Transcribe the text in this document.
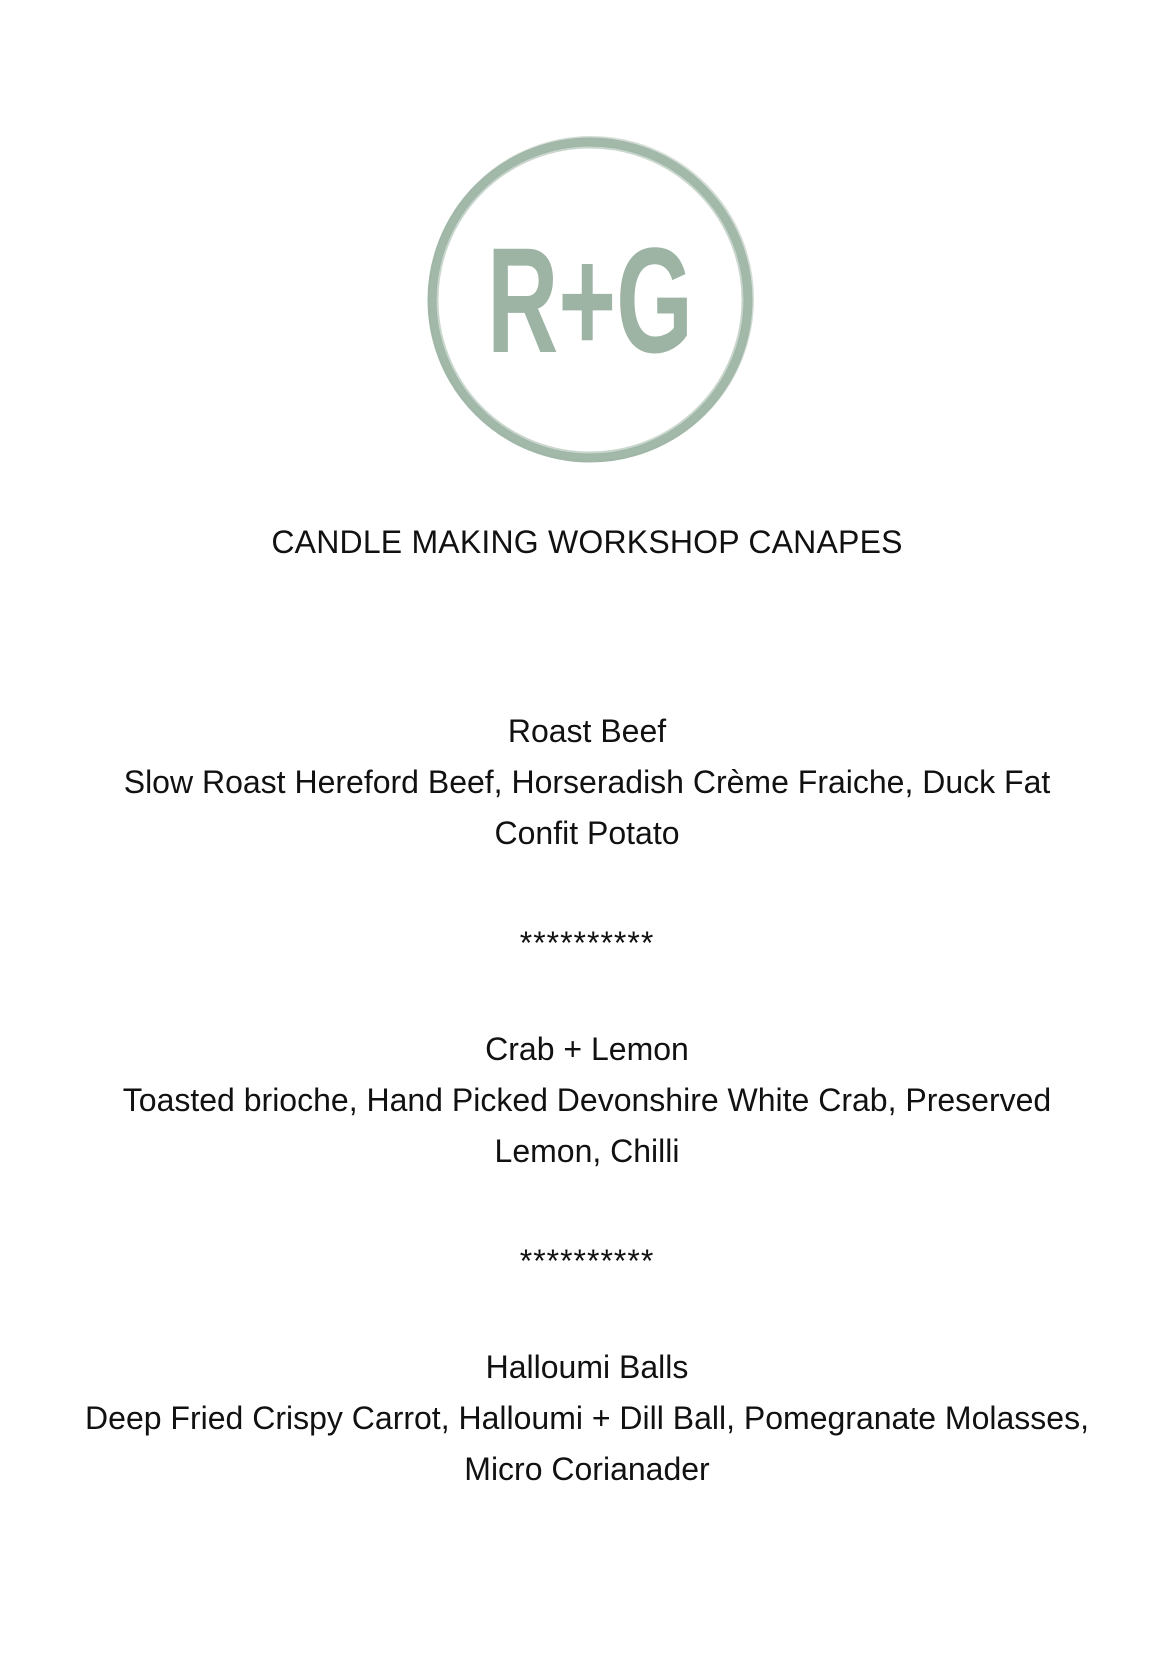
R+G
CANDLE MAKING WORKSHOP CANAPES
Roast Beef
Slow Roast Hereford Beef, Horseradish Crème Fraiche, Duck Fat Confit Potato
**********
Crab + Lemon
Toasted brioche, Hand Picked Devonshire White Crab, Preserved Lemon, Chilli
**********
Halloumi Balls
Deep Fried Crispy Carrot, Halloumi + Dill Ball, Pomegranate Molasses, Micro Corianader
